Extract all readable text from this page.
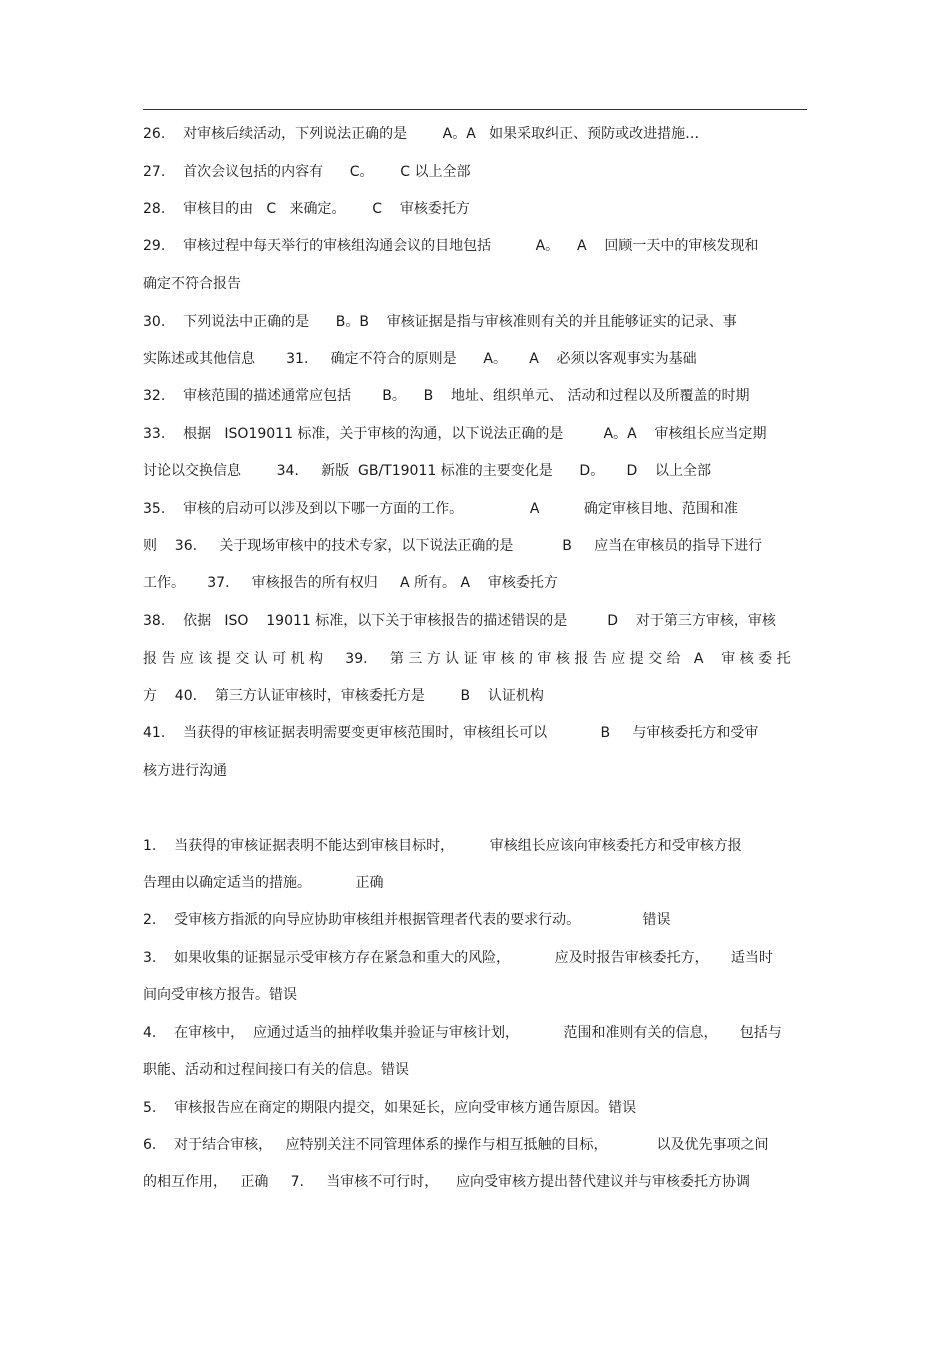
26.    对审核后续活动，下列说法正确的是        A。A   如果采取纠正、预防或改进措施…
27.    首次会议包括的内容有      C。      C 以上全部
28.    审核目的由   C   来确定。      C    审核委托方
29.    审核过程中每天举行的审核组沟通会议的目地包括          A。    A    回顾一天中的审核发现和
确定不符合报告
30.    下列说法中正确的是      B。B    审核证据是指与审核准则有关的并且能够证实的记录、事
实陈述或其他信息       31.     确定不符合的原则是      A。     A    必须以客观事实为基础
32.    审核范围的描述通常应包括       B。    B    地址、组织单元、 活动和过程以及所覆盖的时期
33.    根据   ISO19011 标准，关于审核的沟通，以下说法正确的是         A。A    审核组长应当定期
讨论以交换信息        34.     新版  GB/T19011 标准的主要变化是      D。     D    以上全部
35.    审核的启动可以涉及到以下哪一方面的工作。               A          确定审核目地、范围和准
则    36.     关于现场审核中的技术专家，以下说法正确的是           B     应当在审核员的指导下进行
工作。     37.     审核报告的所有权归     A 所有。 A    审核委托方
38.    依据   ISO    19011 标准，以下关于审核报告的描述错误的是         D    对于第三方审核，审核
报 告 应 该 提 交 认 可 机 构     39.     第 三 方 认 证 审 核 的 审 核 报 告 应 提 交 给   A    审 核 委 托
方    40.    第三方认证审核时，审核委托方是        B    认证机构
41.    当获得的审核证据表明需要变更审核范围时，审核组长可以            B     与审核委托方和受审
核方进行沟通
1.    当获得的审核证据表明不能达到审核目标时，        审核组长应该向审核委托方和受审核方报
告理由以确定适当的措施。          正确
2.    受审核方指派的向导应协助审核组并根据管理者代表的要求行动。              错误
3.    如果收集的证据显示受审核方存在紧急和重大的风险，          应及时报告审核委托方，     适当时
间向受审核方报告。错误
4.    在审核中，  应通过适当的抽样收集并验证与审核计划，          范围和准则有关的信息，     包括与
职能、活动和过程间接口有关的信息。错误
5.    审核报告应在商定的期限内提交，如果延长，应向受审核方通告原因。错误
6.    对于结合审核，   应特别关注不同管理体系的操作与相互抵触的目标，           以及优先事项之间
的相互作用，   正确     7.     当审核不可行时，    应向受审核方提出替代建议并与审核委托方协调
